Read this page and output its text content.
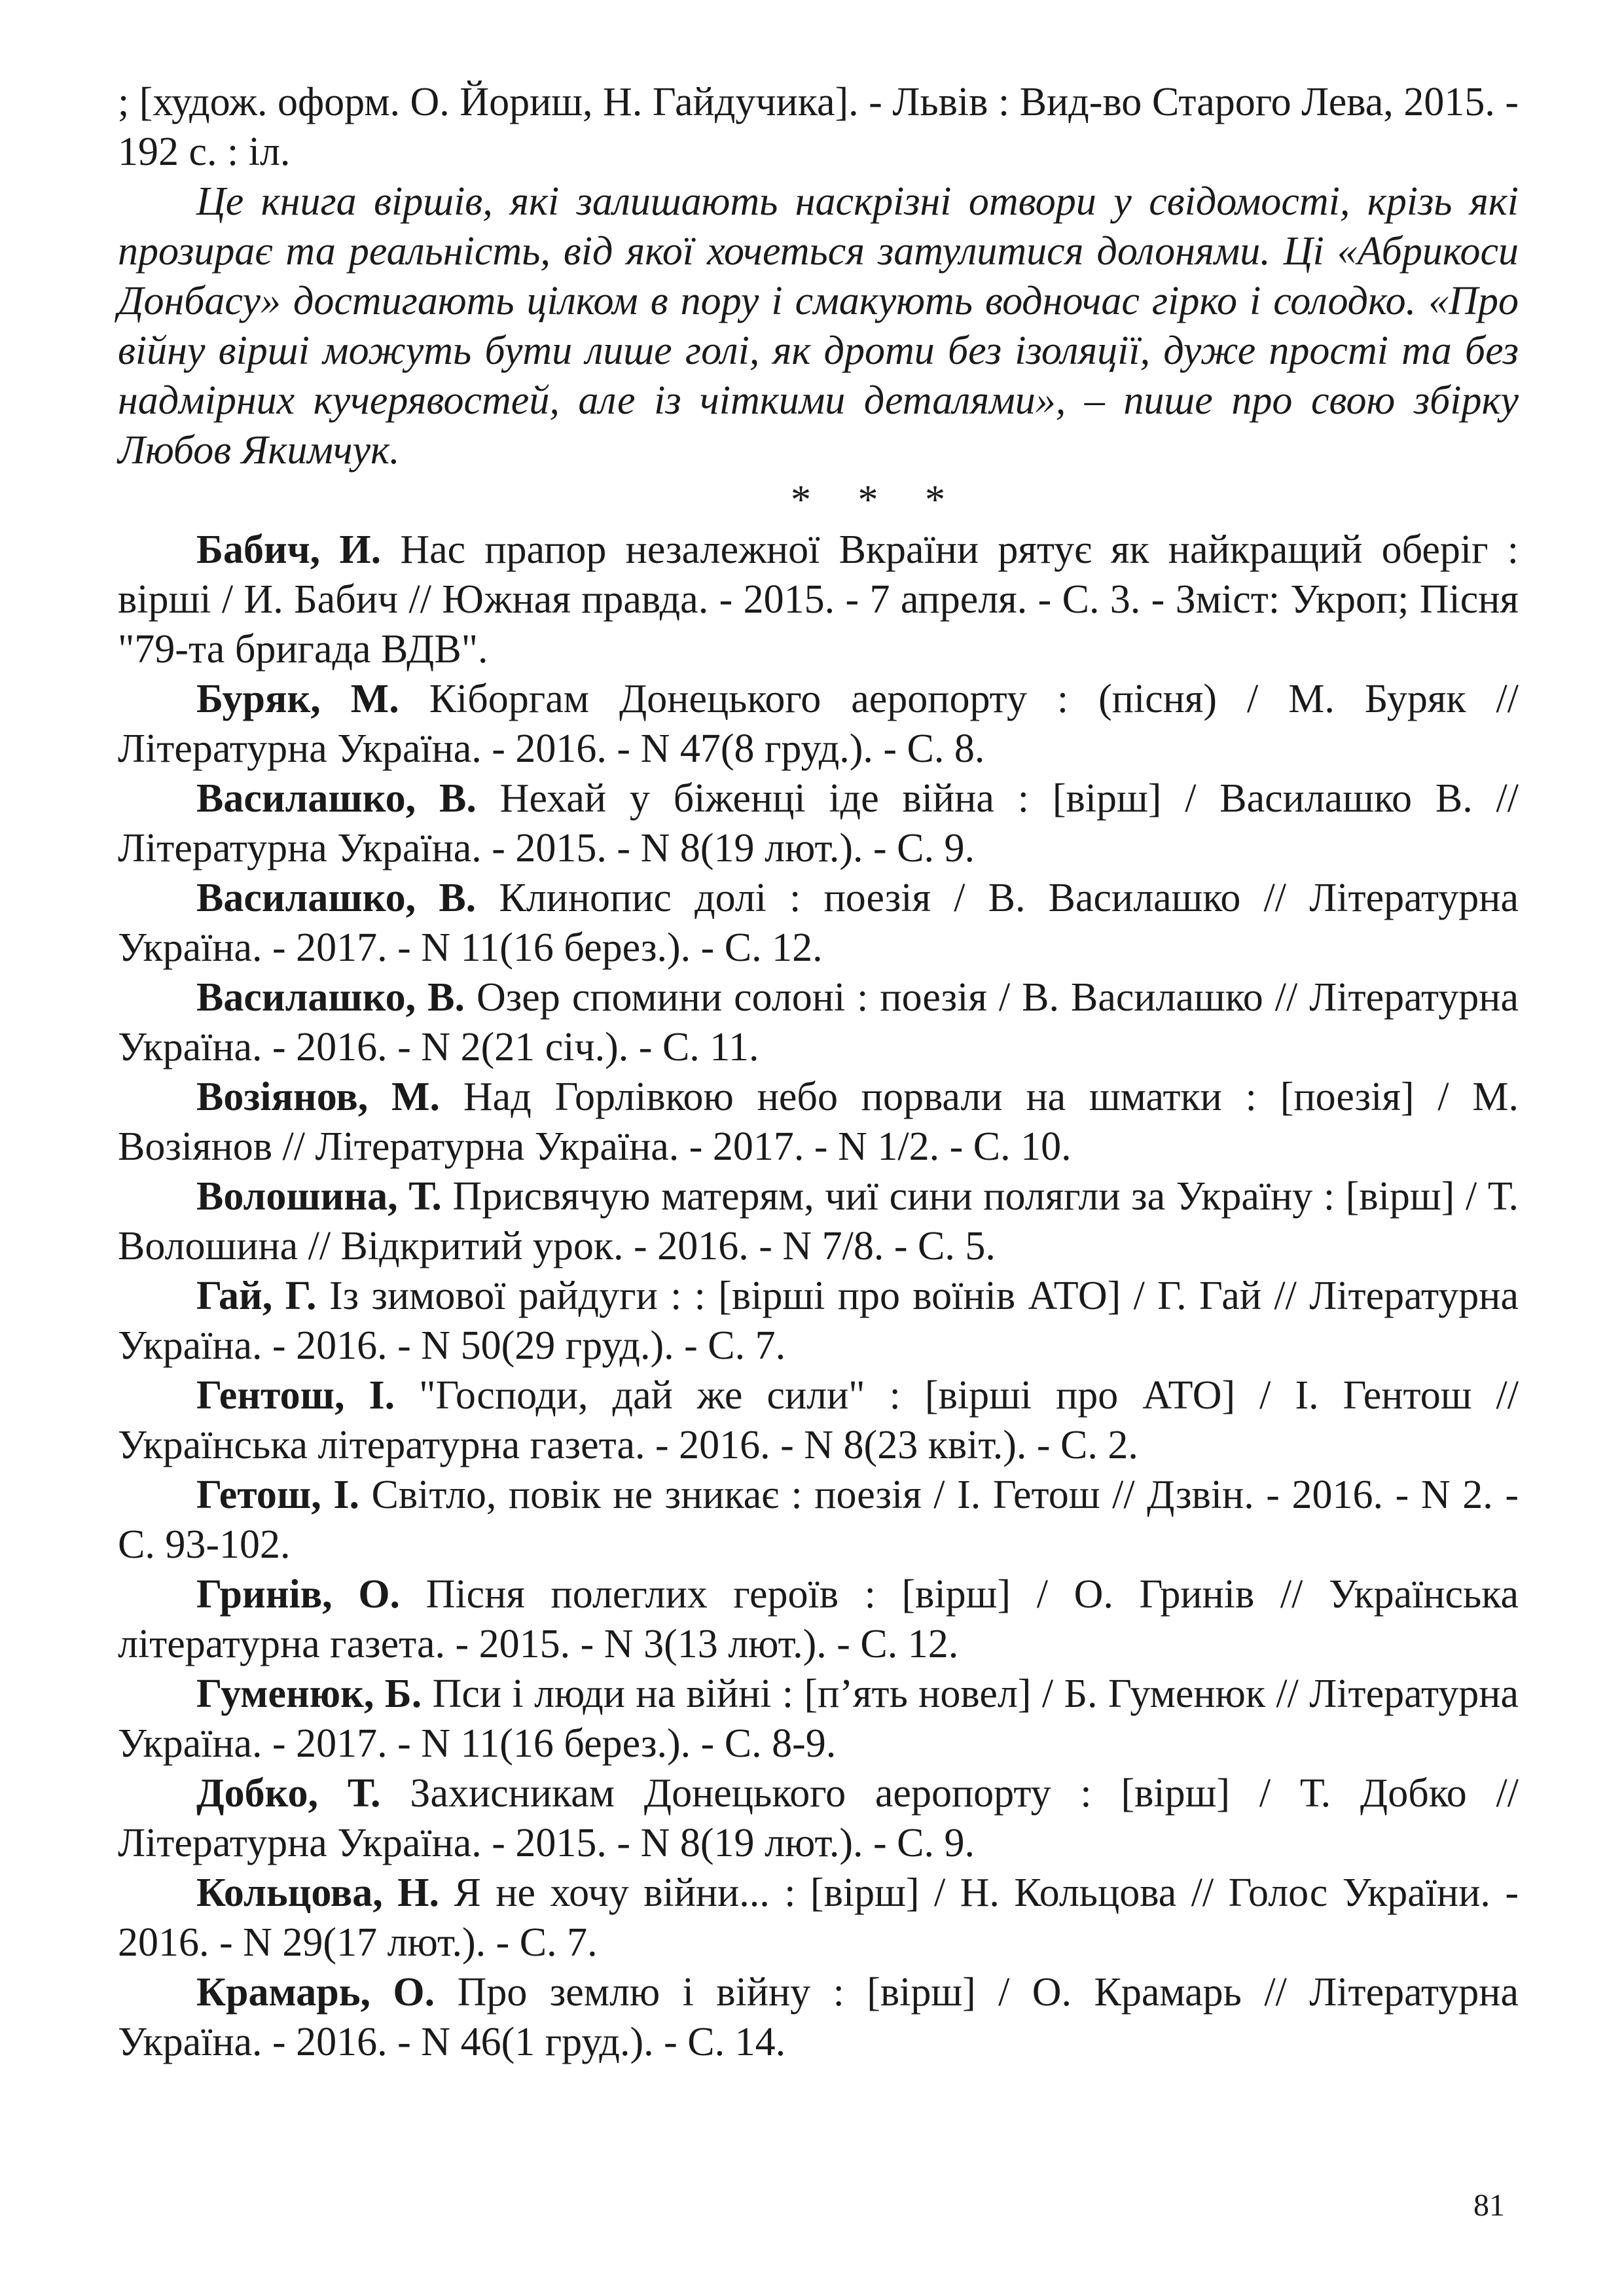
; [худож. оформ. О. Йориш, Н. Гайдучика]. - Львів : Вид-во Старого Лева, 2015. - 192 с. : іл.

Це книга віршів, які залишають наскрізні отвори у свідомості, крізь які прозирає та реальність, від якої хочеться затулитися долонями. Ці «Абрикоси Донбасу» достигають цілком в пору і смакують водночас гірко і солодко. «Про війну вірші можуть бути лише голі, як дроти без ізоляції, дуже прості та без надмірних кучерявостей, але із чіткими деталями», – пише про свою збірку Любов Якимчук.

* * *

Бабич, И. Нас прапор незалежної Вкраїни рятує як найкращий оберіг : вірші / И. Бабич // Южная правда. - 2015. - 7 апреля. - С. 3. - Зміст: Укроп; Пісня "79-та бригада ВДВ".

Буряк, М. Кіборгам Донецького аеропорту : (пісня) / М. Буряк // Літературна Україна. - 2016. - N 47(8 груд.). - С. 8.

Василашко, В. Нехай у біженці іде війна : [вірш] / Василашко В. // Літературна Україна. - 2015. - N 8(19 лют.). - С. 9.

Василашко, В. Клинопис долі : поезія / В. Василашко // Літературна Україна. - 2017. - N 11(16 берез.). - С. 12.

Василашко, В. Озер спомини солоні : поезія / В. Василашко // Літературна Україна. - 2016. - N 2(21 січ.). - С. 11.

Возіянов, М. Над Горлівкою небо порвали на шматки : [поезія] / М. Возіянов // Літературна Україна. - 2017. - N 1/2. - С. 10.

Волошина, Т. Присвячую матерям, чиї сини полягли за Україну : [вірш] / Т. Волошина // Відкритий урок. - 2016. - N 7/8. - С. 5.

Гай, Г. Із зимової райдуги : : [вірші про воїнів АТО] / Г. Гай // Літературна Україна. - 2016. - N 50(29 груд.). - С. 7.

Гентош, І. "Господи, дай же сили" : [вірші про АТО] / І. Гентош // Українська літературна газета. - 2016. - N 8(23 квіт.). - С. 2.

Гетош, І. Світло, повік не зникає : поезія / І. Гетош // Дзвін. - 2016. - N 2. - С. 93-102.

Гринів, О. Пісня полеглих героїв : [вірш] / О. Гринів // Українська літературна газета. - 2015. - N 3(13 лют.). - С. 12.

Гуменюк, Б. Пси і люди на війні : [п’ять новел] / Б. Гуменюк // Літературна Україна. - 2017. - N 11(16 берез.). - С. 8-9.

Добко, Т. Захисникам Донецького аеропорту : [вірш] / Т. Добко // Літературна Україна. - 2015. - N 8(19 лют.). - С. 9.

Кольцова, Н. Я не хочу війни... : [вірш] / Н. Кольцова // Голос України. - 2016. - N 29(17 лют.). - С. 7.

Крамарь, О. Про землю і війну : [вірш] / О. Крамарь // Літературна Україна. - 2016. - N 46(1 груд.). - С. 14.

81
